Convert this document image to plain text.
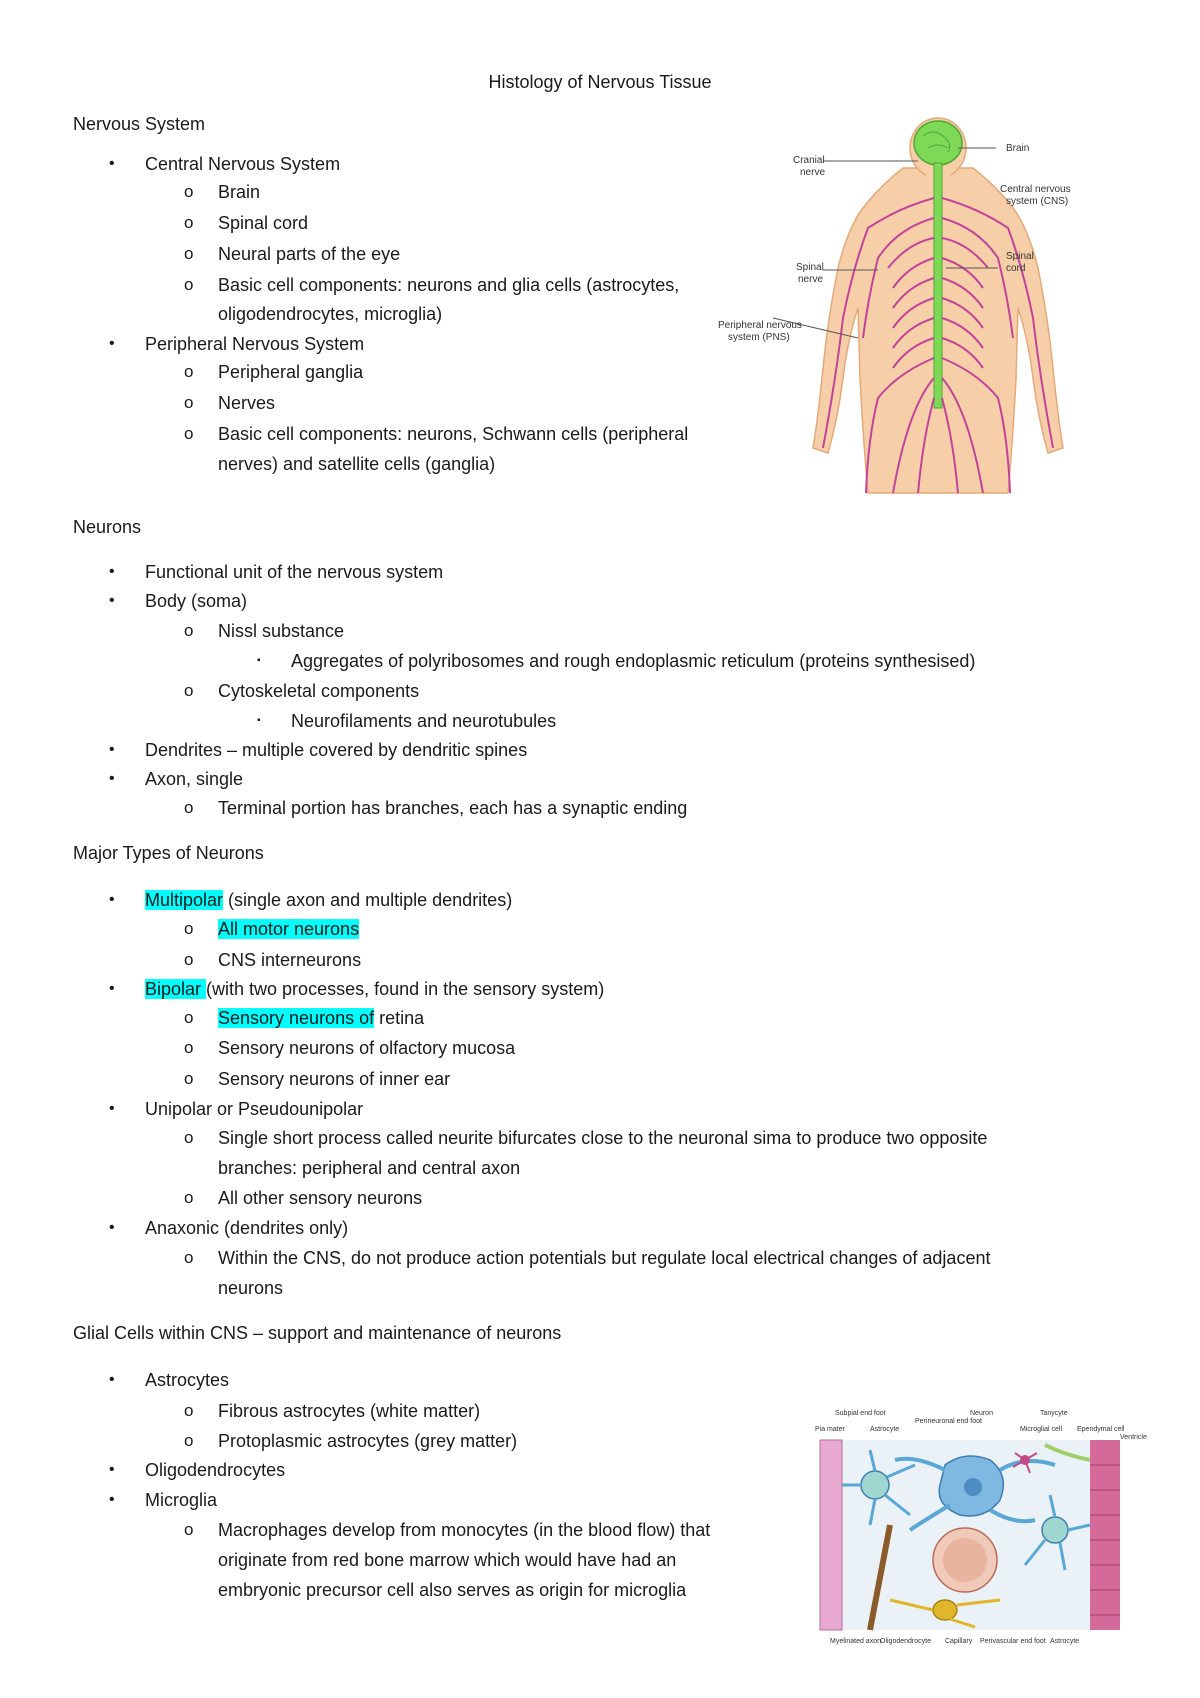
Histology of Nervous Tissue
Nervous System
• Central Nervous System
o Brain
o Spinal cord
o Neural parts of the eye
o Basic cell components: neurons and glia cells (astrocytes,
oligodendrocytes, microglia)
• Peripheral Nervous System
o Peripheral ganglia
o Nerves
o Basic cell components: neurons, Schwann cells (peripheral
nerves) and satellite cells (ganglia)
Neurons
• Functional unit of the nervous system
• Body (soma)
o Nissl substance
▪ Aggregates of polyribosomes and rough endoplasmic reticulum (proteins synthesised)
o Cytoskeletal components
▪ Neurofilaments and neurotubules
• Dendrites – multiple covered by dendritic spines
• Axon, single
o Terminal portion has branches, each has a synaptic ending
Major Types of Neurons
• Multipolar (single axon and multiple dendrites)
o All motor neurons
o CNS interneurons
• Bipolar (with two processes, found in the sensory system)
o Sensory neurons of retina
o Sensory neurons of olfactory mucosa
o Sensory neurons of inner ear
• Unipolar or Pseudounipolar
o Single short process called neurite bifurcates close to the neuronal sima to produce two opposite
branches: peripheral and central axon
o All other sensory neurons
• Anaxonic (dendrites only)
o Within the CNS, do not produce action potentials but regulate local electrical changes of adjacent
neurons
Glial Cells within CNS – support and maintenance of neurons
• Astrocytes
o Fibrous astrocytes (white matter)
o Protoplasmic astrocytes (grey matter)
• Oligodendrocytes
• Microglia
o Macrophages develop from monocytes (in the blood flow) that
originate from red bone marrow which would have had an
embryonic precursor cell also serves as origin for microglia
Cranial
nerve
Brain
Central nervous
system (CNS)
Spinal
nerve
Spinal
cord
Peripheral nervous
system (PNS)
Subpial end foot
Pia mater	Astrocyte
Perineuronal end foot
Neuron	Tanycyte
Microglial cell Ependymal cell
Ventricle
Myelinated axon Oligodendrocyte Capillary Perivascular end foot Astrocyte
